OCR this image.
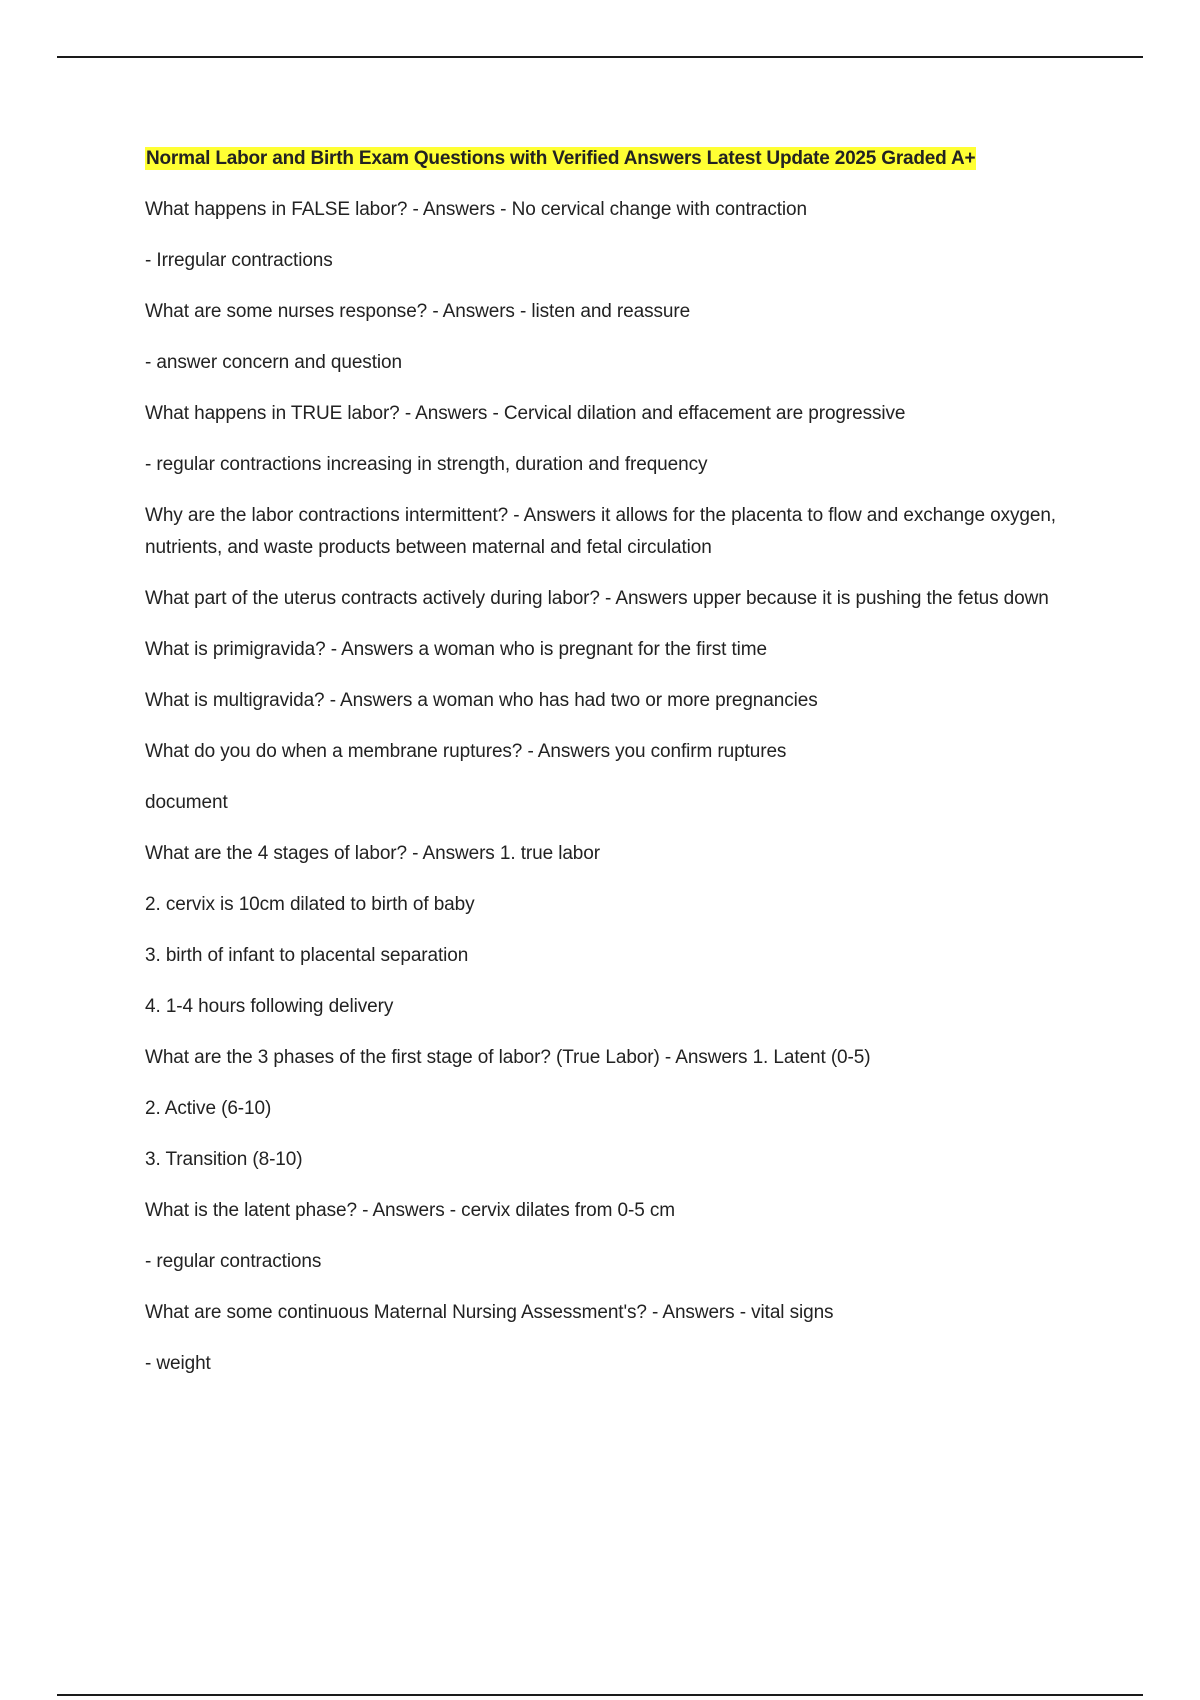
Normal Labor and Birth Exam Questions with Verified Answers Latest Update 2025 Graded A+
What happens in FALSE labor? - Answers - No cervical change with contraction
- Irregular contractions
What are some nurses response? - Answers - listen and reassure
- answer concern and question
What happens in TRUE labor? - Answers - Cervical dilation and effacement are progressive
- regular contractions increasing in strength, duration and frequency
Why are the labor contractions intermittent? - Answers it allows for the placenta to flow and exchange oxygen, nutrients, and waste products between maternal and fetal circulation
What part of the uterus contracts actively during labor? - Answers upper because it is pushing the fetus down
What is primigravida? - Answers a woman who is pregnant for the first time
What is multigravida? - Answers a woman who has had two or more pregnancies
What do you do when a membrane ruptures? - Answers you confirm ruptures
document
What are the 4 stages of labor? - Answers 1. true labor
2. cervix is 10cm dilated to birth of baby
3. birth of infant to placental separation
4. 1-4 hours following delivery
What are the 3 phases of the first stage of labor? (True Labor) - Answers 1. Latent (0-5)
2. Active (6-10)
3. Transition (8-10)
What is the latent phase? - Answers - cervix dilates from 0-5 cm
- regular contractions
What are some continuous Maternal Nursing Assessment's? - Answers - vital signs
- weight
